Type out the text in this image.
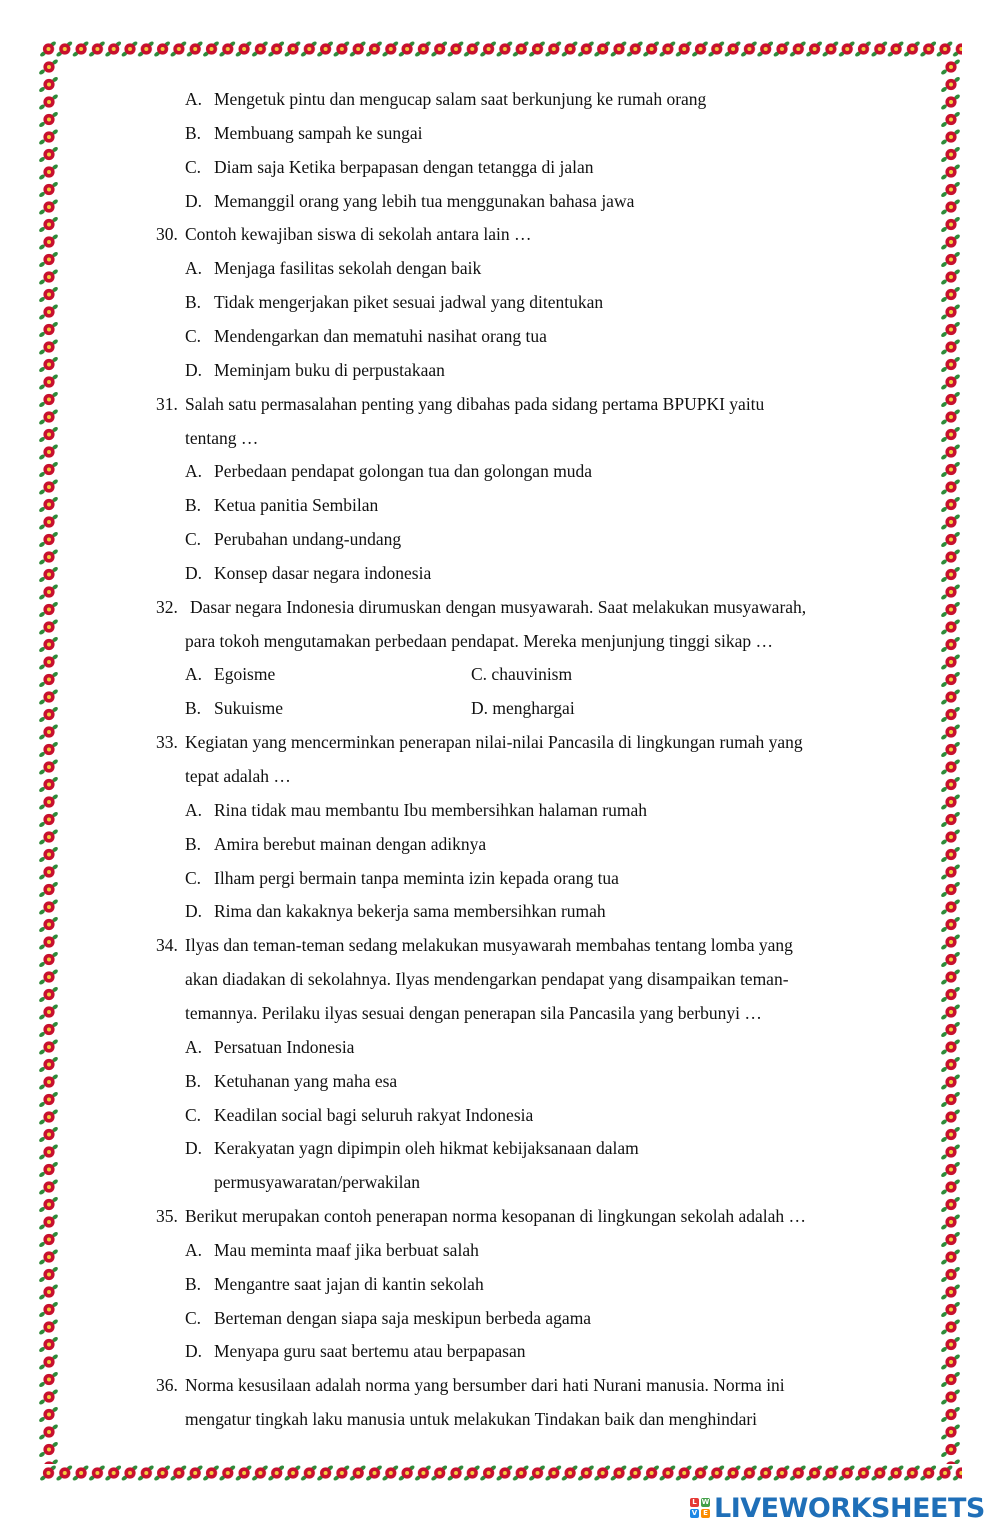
A. Mengetuk pintu dan mengucap salam saat berkunjung ke rumah orang
B. Membuang sampah ke sungai
C. Diam saja Ketika berpapasan dengan tetangga di jalan
D. Memanggil orang yang lebih tua menggunakan bahasa jawa
30. Contoh kewajiban siswa di sekolah antara lain …
A. Menjaga fasilitas sekolah dengan baik
B. Tidak mengerjakan piket sesuai jadwal yang ditentukan
C. Mendengarkan dan mematuhi nasihat orang tua
D. Meminjam buku di perpustakaan
31. Salah satu permasalahan penting yang dibahas pada sidang pertama BPUPKI yaitu
tentang …
A. Perbedaan pendapat golongan tua dan golongan muda
B. Ketua panitia Sembilan
C. Perubahan undang-undang
D. Konsep dasar negara indonesia
32. Dasar negara Indonesia dirumuskan dengan musyawarah. Saat melakukan musyawarah,
para tokoh mengutamakan perbedaan pendapat. Mereka menjunjung tinggi sikap …
A. Egoisme	C. chauvinism
B. Sukuisme	D. menghargai
33. Kegiatan yang mencerminkan penerapan nilai-nilai Pancasila di lingkungan rumah yang
tepat adalah …
A. Rina tidak mau membantu Ibu membersihkan halaman rumah
B. Amira berebut mainan dengan adiknya
C. Ilham pergi bermain tanpa meminta izin kepada orang tua
D. Rima dan kakaknya bekerja sama membersihkan rumah
34. Ilyas dan teman-teman sedang melakukan musyawarah membahas tentang lomba yang
akan diadakan di sekolahnya. Ilyas mendengarkan pendapat yang disampaikan teman-
temannya. Perilaku ilyas sesuai dengan penerapan sila Pancasila yang berbunyi …
A. Persatuan Indonesia
B. Ketuhanan yang maha esa
C. Keadilan social bagi seluruh rakyat Indonesia
D. Kerakyatan yagn dipimpin oleh hikmat kebijaksanaan dalam
permusyawaratan/perwakilan
35. Berikut merupakan contoh penerapan norma kesopanan di lingkungan sekolah adalah …
A. Mau meminta maaf jika berbuat salah
B. Mengantre saat jajan di kantin sekolah
C. Berteman dengan siapa saja meskipun berbeda agama
D. Menyapa guru saat bertemu atau berpapasan
36. Norma kesusilaan adalah norma yang bersumber dari hati Nurani manusia. Norma ini
mengatur tingkah laku manusia untuk melakukan Tindakan baik dan menghindari
L W
V E LIVEWORKSHEETS
